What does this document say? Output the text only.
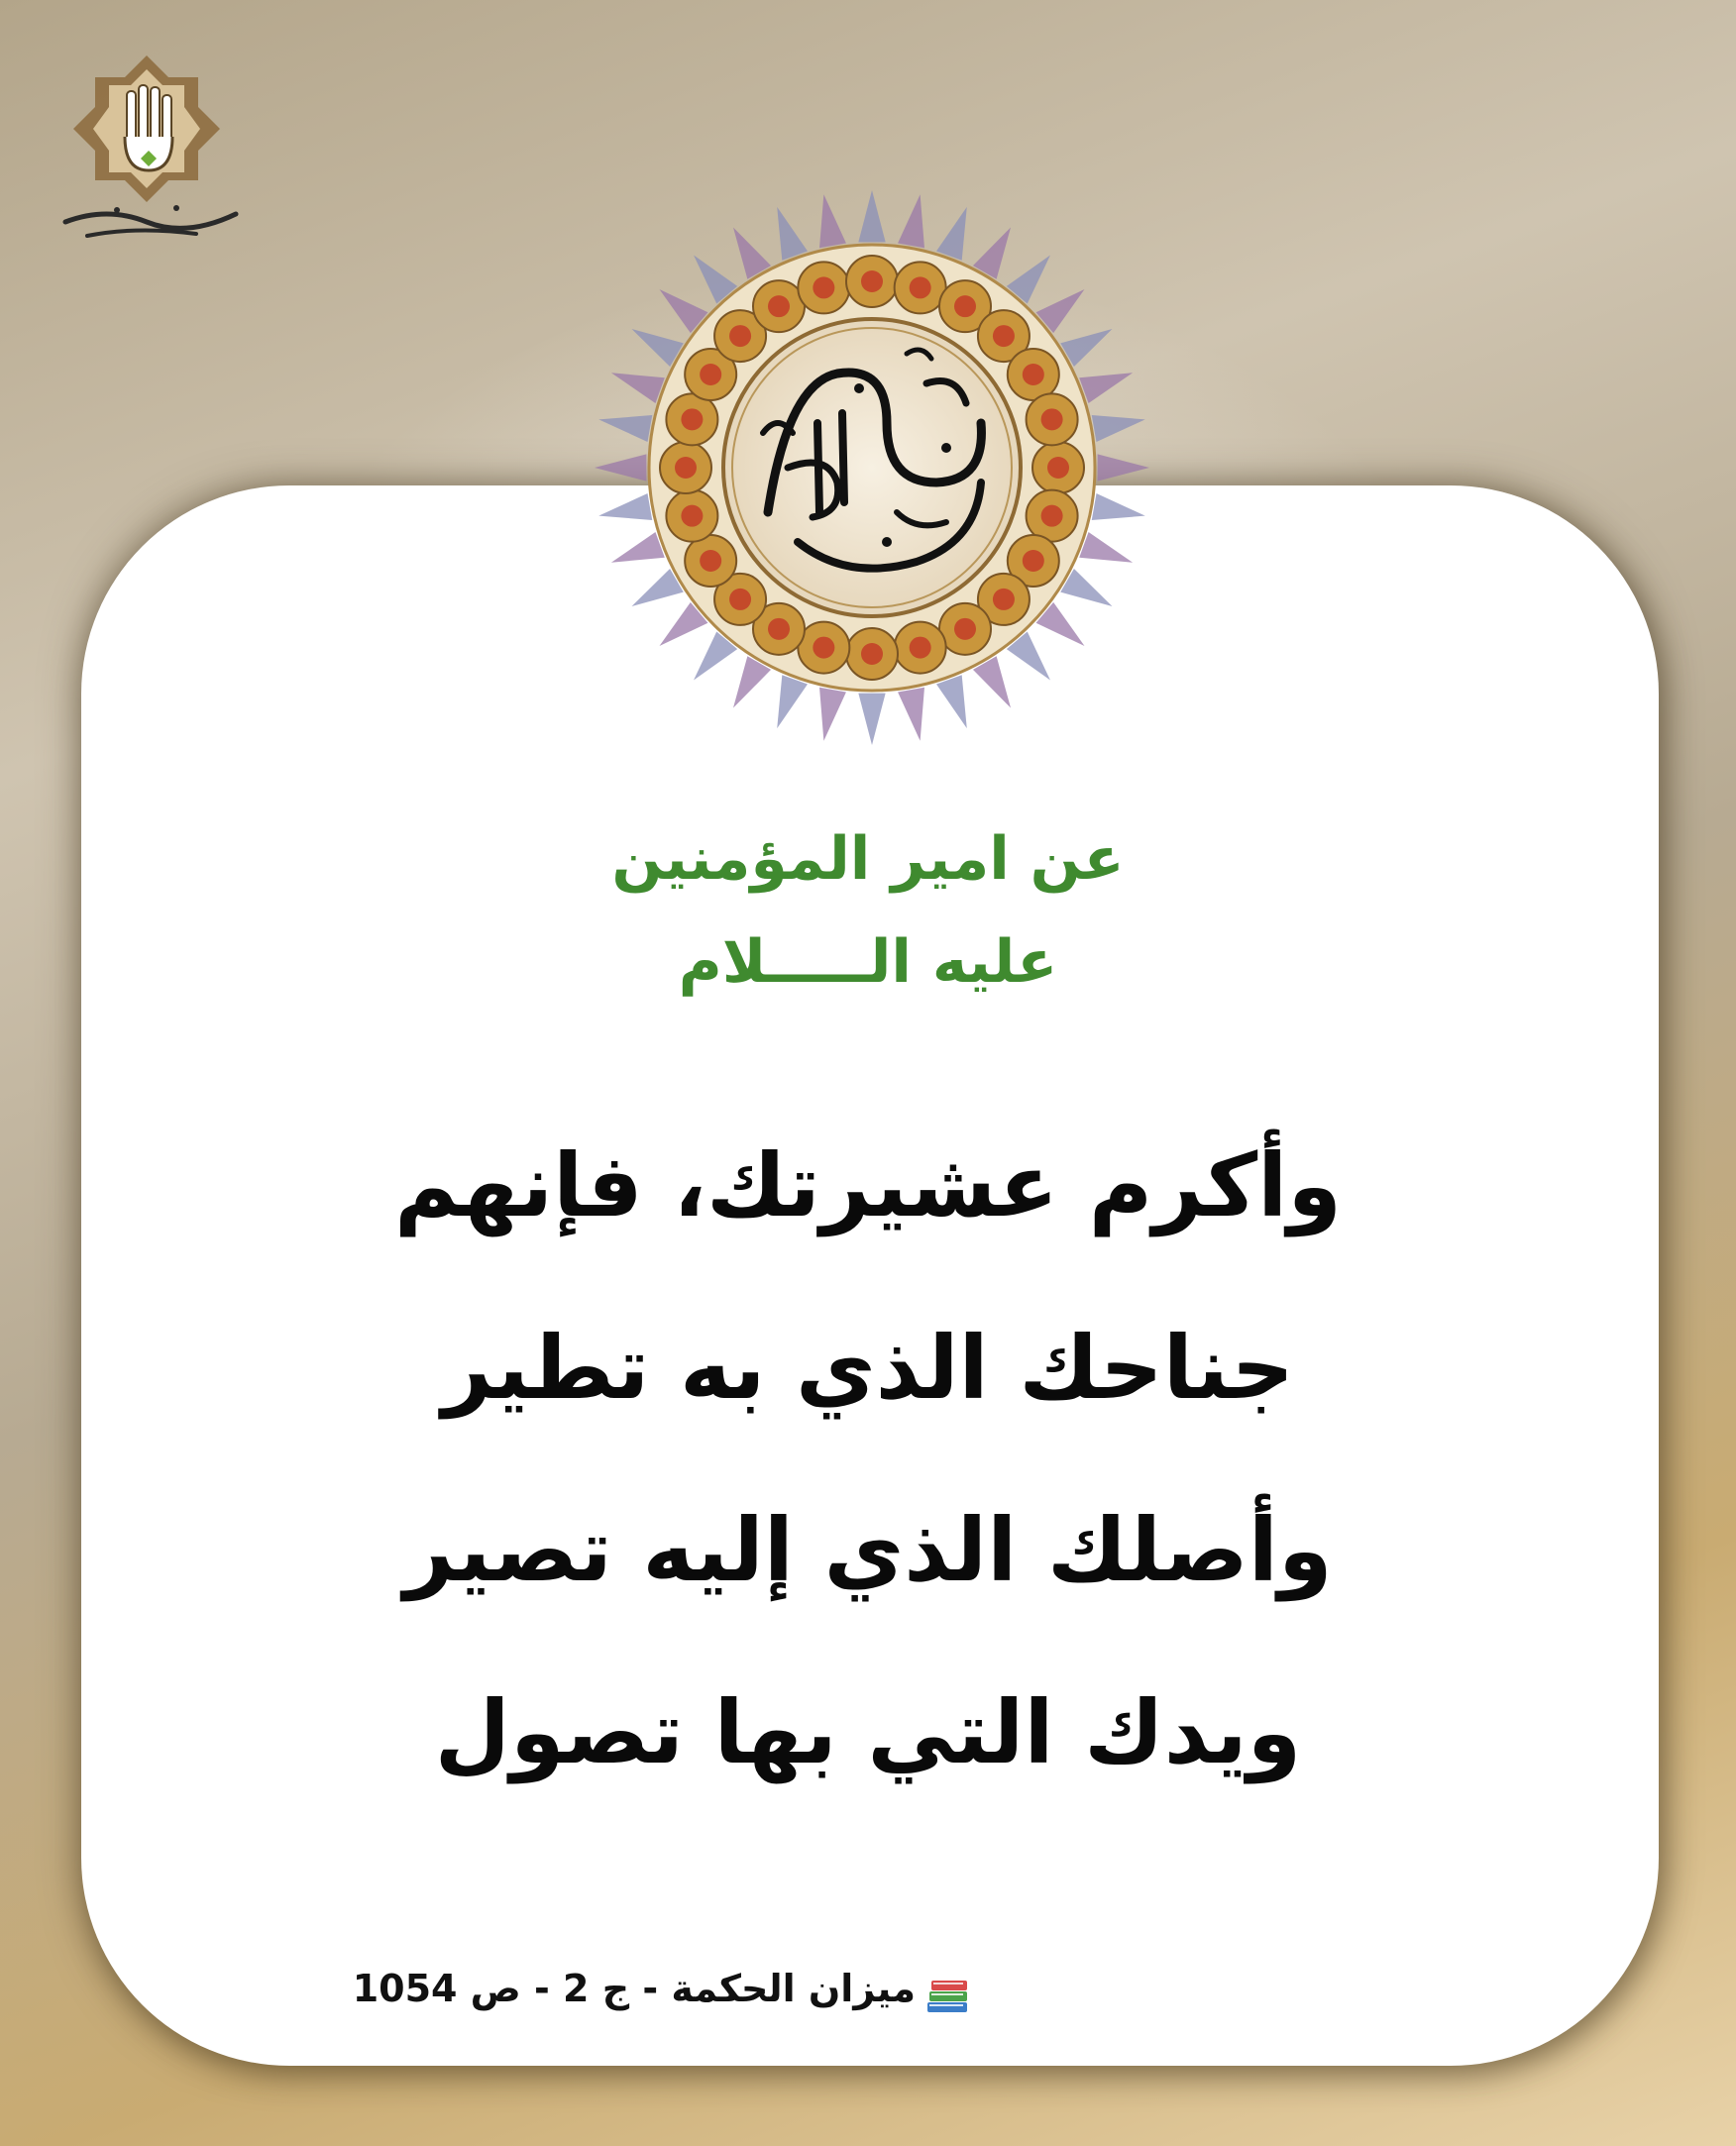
عن امير المؤمنين
عليه الـــــلام
وأكرم عشيرتك، فإنهم
جناحك الذي به تطير
وأصلك الذي إليه تصير
ويدك التي بها تصول
ميزان الحكمة - ج 2 - ص 1054
